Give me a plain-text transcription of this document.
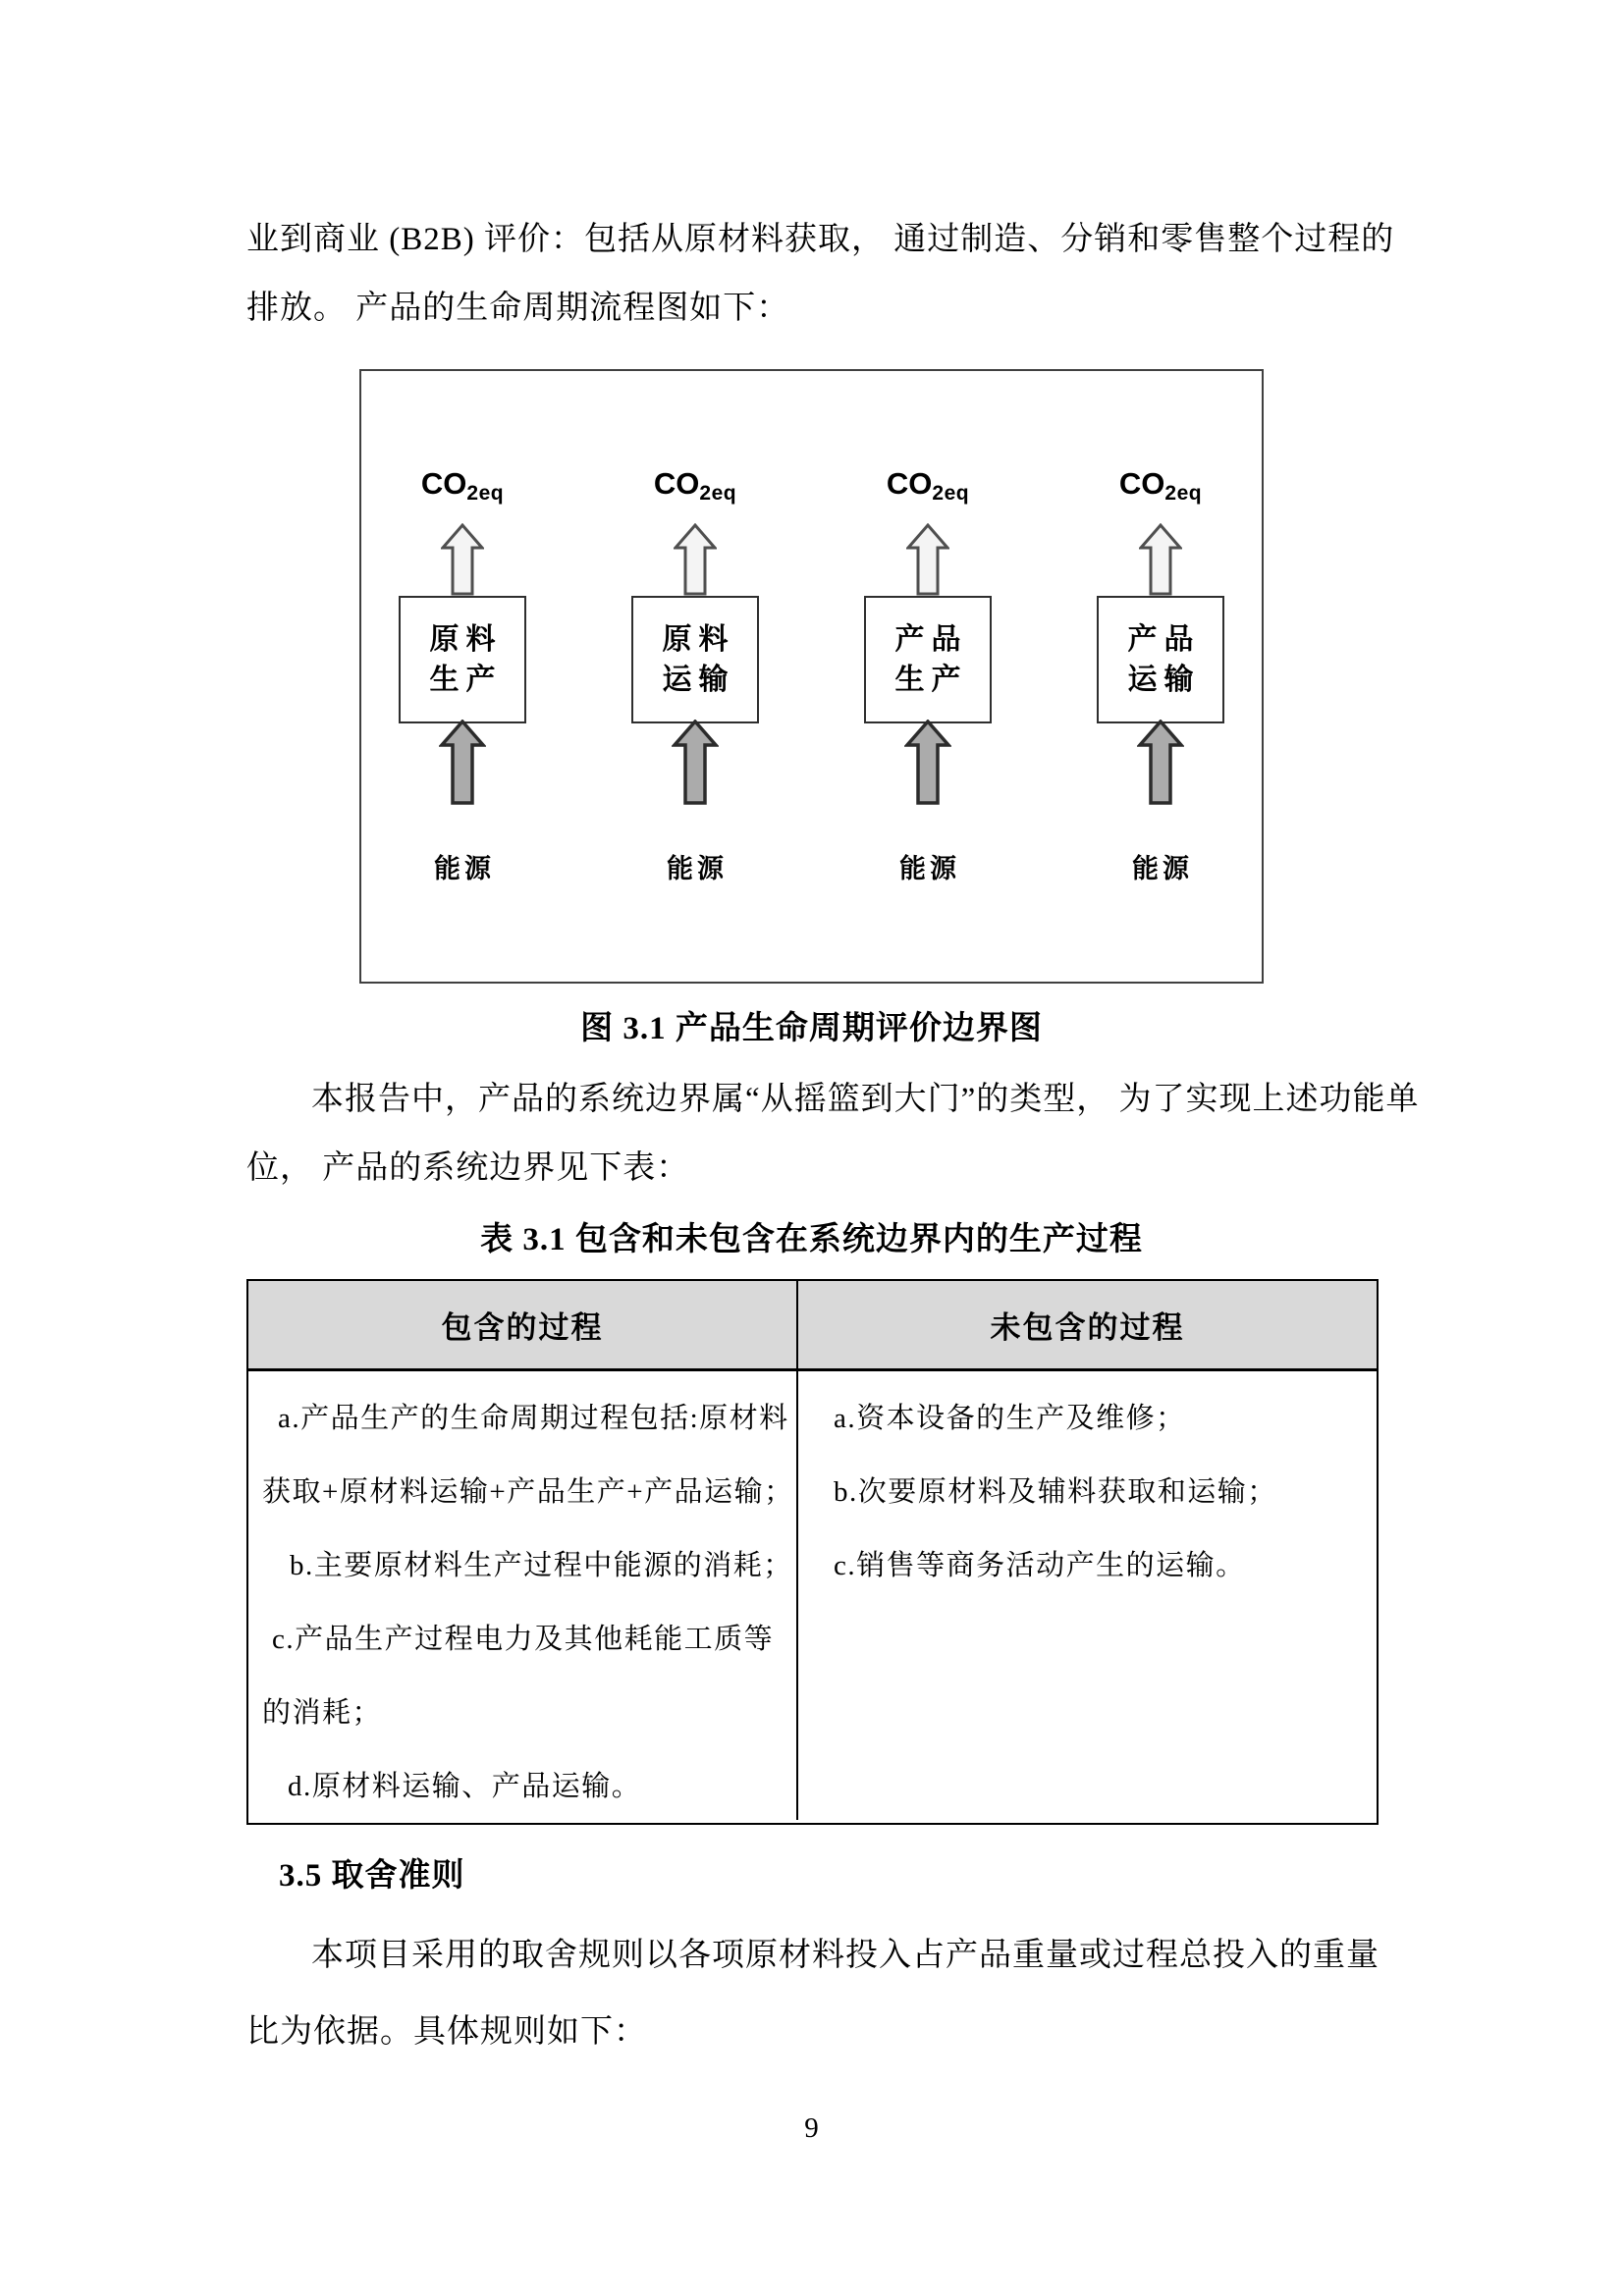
业到商业 (B2B) 评价：包括从原材料获取， 通过制造、分销和零售整个过程的
排放。 产品的生命周期流程图如下：
$CO_{2eq}$
原料
生产
能源
$CO_{2eq}$
原料
运输
能源
$CO_{2eq}$
产品
生产
能源
$CO_{2eq}$
产品
运输
能源
图 3.1 产品生命周期评价边界图
本报告中，产品的系统边界属“从摇篮到大门”的类型， 为了实现上述功能单
位， 产品的系统边界见下表：
表 3.1 包含和未包含在系统边界内的生产过程
包含的过程	未包含的过程
a.产品生产的生命周期过程包括:原材料
获取+原材料运输+产品生产+产品运输；
b.主要原材料生产过程中能源的消耗；
c.产品生产过程电力及其他耗能工质等
的消耗；
d.原材料运输、产品运输。
a.资本设备的生产及维修；
b.次要原材料及辅料获取和运输；
c.销售等商务活动产生的运输。
3.5 取舍准则
本项目采用的取舍规则以各项原材料投入占产品重量或过程总投入的重量
比为依据。具体规则如下：
9
